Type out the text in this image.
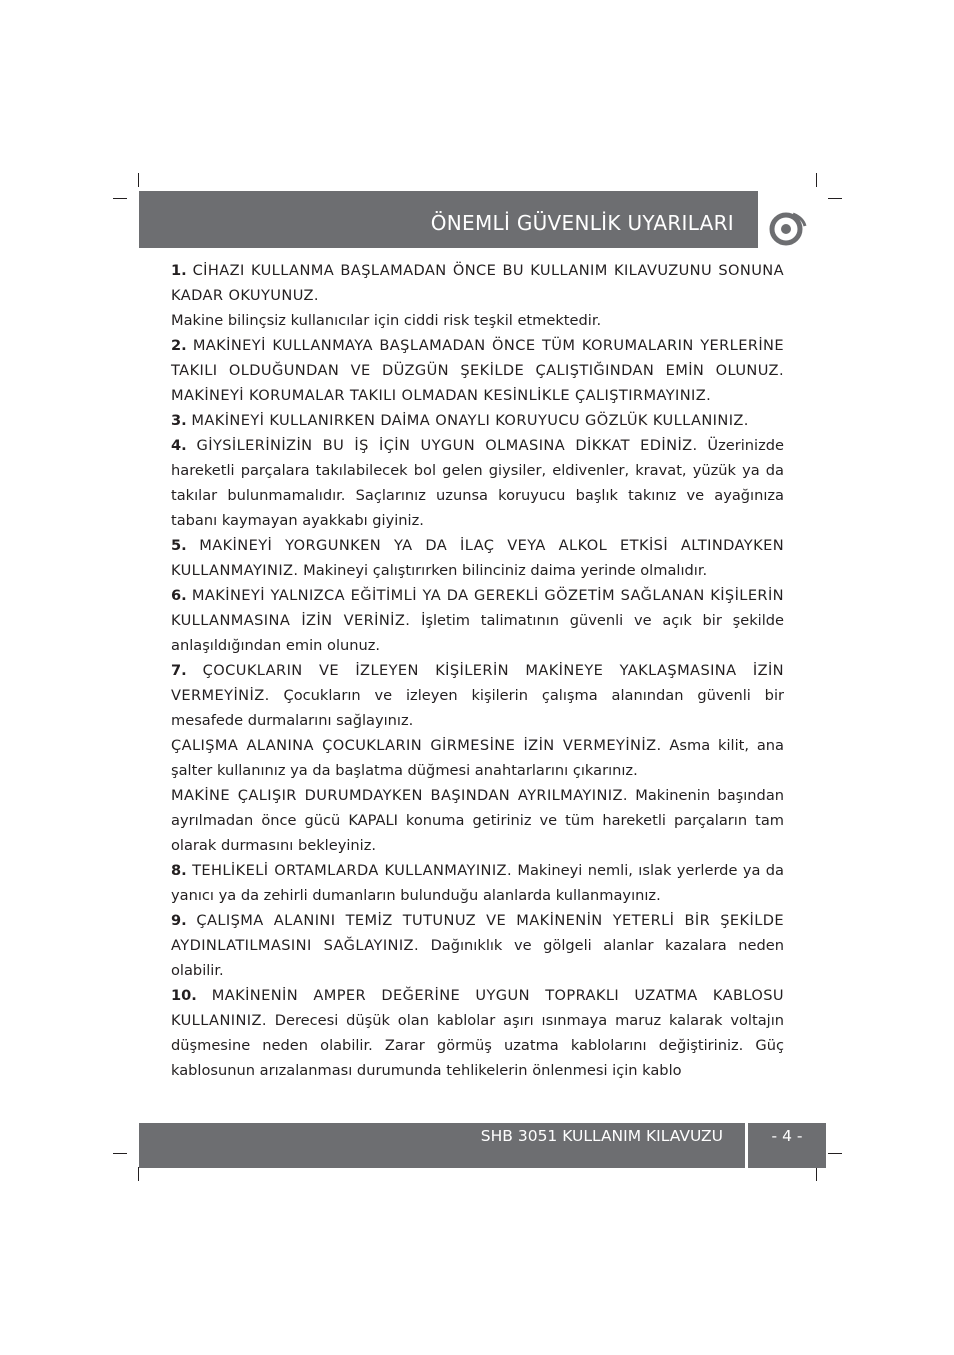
ÖNEMLİ GÜVENLİK UYARILARI

1. CİHAZI KULLANMA BAŞLAMADAN ÖNCE BU KULLANIM KILAVUZUNU SONUNA KADAR OKUYUNUZ.

Makine bilinçsiz kullanıcılar için ciddi risk teşkil etmektedir.

2. MAKİNEYİ KULLANMAYA BAŞLAMADAN ÖNCE TÜM KORUMALARIN YERLERİNE TAKILI OLDUĞUNDAN VE DÜZGÜN ŞEKİLDE ÇALIŞTIĞINDAN EMİN OLUNUZ. MAKİNEYİ KORUMALAR TAKILI OLMADAN KESİNLİKLE ÇALIŞTIRMAYINIZ.

3. MAKİNEYİ KULLANIRKEN DAİMA ONAYLI KORUYUCU GÖZLÜK KULLANINIZ.

4. GİYSİLERİNİZİN BU İŞ İÇİN UYGUN OLMASINA DİKKAT EDİNİZ. Üzerinizde hareketli parçalara takılabilecek bol gelen giysiler, eldivenler, kravat, yüzük ya da takılar bulunmamalıdır. Saçlarınız uzunsa koruyucu başlık takınız ve ayağınıza tabanı kaymayan ayakkabı giyiniz.

5. MAKİNEYİ YORGUNKEN YA DA İLAÇ VEYA ALKOL ETKİSİ ALTINDAYKEN KULLANMAYINIZ. Makineyi çalıştırırken bilinciniz daima yerinde olmalıdır.

6. MAKİNEYİ YALNIZCA EĞİTİMLİ YA DA GEREKLİ GÖZETİM SAĞLANAN KİŞİLERİN KULLANMASINA İZİN VERİNİZ. İşletim talimatının güvenli ve açık bir şekilde anlaşıldığından emin olunuz.

7. ÇOCUKLARIN VE İZLEYEN KİŞİLERİN MAKİNEYE YAKLAŞMASINA İZİN VERMEYİNİZ. Çocukların ve izleyen kişilerin çalışma alanından güvenli bir mesafede durmalarını sağlayınız.

ÇALIŞMA ALANINA ÇOCUKLARIN GİRMESİNE İZİN VERMEYİNİZ. Asma kilit, ana şalter kullanınız ya da başlatma düğmesi anahtarlarını çıkarınız.

MAKİNE ÇALIŞIR DURUMDAYKEN BAŞINDAN AYRILMAYINIZ. Makinenin başından ayrılmadan önce gücü KAPALI konuma getiriniz ve tüm hareketli parçaların tam olarak durmasını bekleyiniz.

8. TEHLİKELİ ORTAMLARDA KULLANMAYINIZ. Makineyi nemli, ıslak yerlerde ya da yanıcı ya da zehirli dumanların bulunduğu alanlarda kullanmayınız.

9. ÇALIŞMA ALANINI TEMİZ TUTUNUZ VE MAKİNENİN YETERLİ BİR ŞEKİLDE AYDINLATILMASINI SAĞLAYINIZ. Dağınıklık ve gölgeli alanlar kazalara neden olabilir.

10. MAKİNENİN AMPER DEĞERİNE UYGUN TOPRAKLI UZATMA KABLOSU KULLANINIZ. Derecesi düşük olan kablolar aşırı ısınmaya maruz kalarak voltajın düşmesine neden olabilir. Zarar görmüş uzatma kablolarını değiştiriniz. Güç kablosunun arızalanması durumunda tehlikelerin önlenmesi için kablo

SHB 3051 KULLANIM KILAVUZU	- 4 -
